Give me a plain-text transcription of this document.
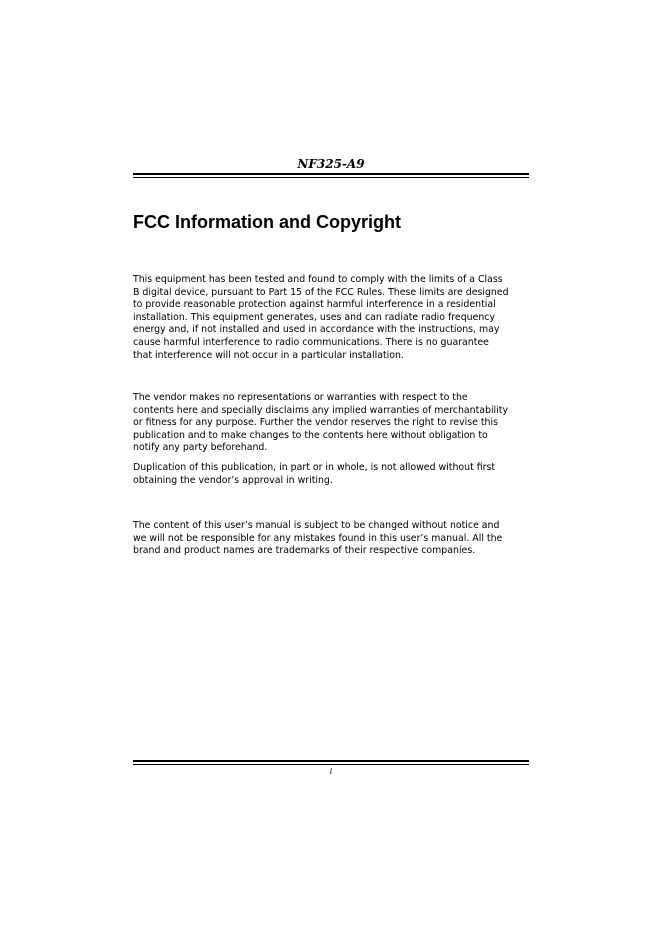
NF325-A9
FCC Information and Copyright
This equipment has been tested and found to comply with the limits of a Class
B digital device, pursuant to Part 15 of the FCC Rules. These limits are designed
to provide reasonable protection against harmful interference in a residential
installation. This equipment generates, uses and can radiate radio frequency
energy and, if not installed and used in accordance with the instructions, may
cause harmful interference to radio communications. There is no guarantee
that interference will not occur in a particular installation.
The vendor makes no representations or warranties with respect to the
contents here and specially disclaims any implied warranties of merchantability
or fitness for any purpose. Further the vendor reserves the right to revise this
publication and to make changes to the contents here without obligation to
notify any party beforehand.
Duplication of this publication, in part or in whole, is not allowed without first
obtaining the vendor’s approval in writing.
The content of this user’s manual is subject to be changed without notice and
we will not be responsible for any mistakes found in this user’s manual. All the
brand and product names are trademarks of their respective companies.
i
